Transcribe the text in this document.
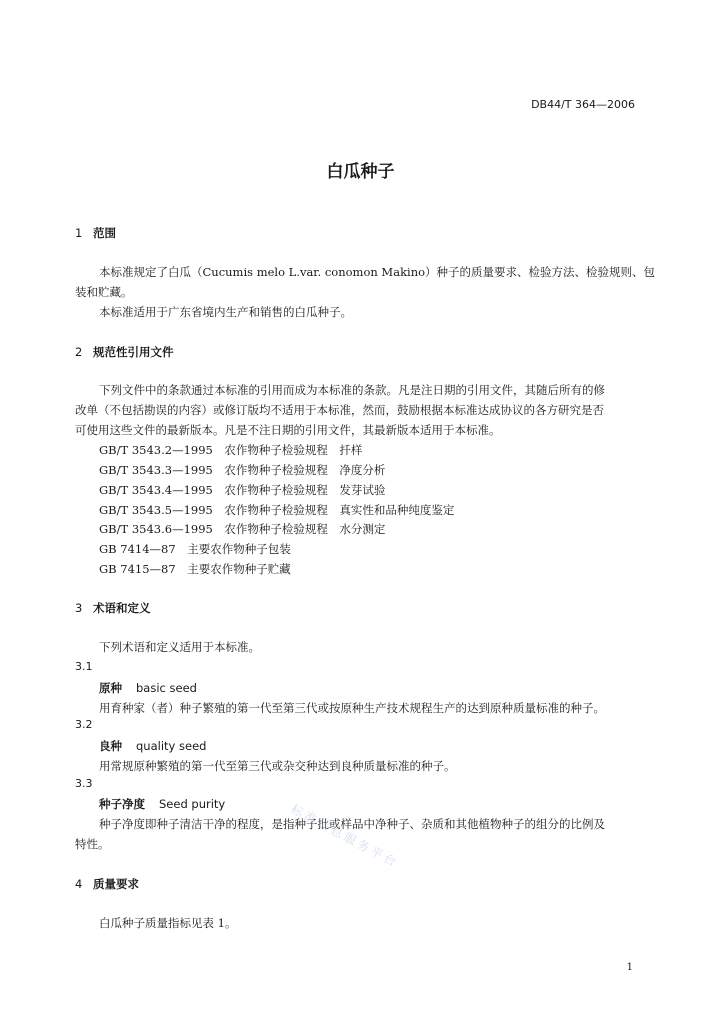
DB44/T 364—2006
白瓜种子
1 范围
本标准规定了白瓜（Cucumis melo L.var. conomon Makino）种子的质量要求、检验方法、检验规则、包
装和贮藏。
本标准适用于广东省境内生产和销售的白瓜种子。
2 规范性引用文件
下列文件中的条款通过本标准的引用而成为本标准的条款。凡是注日期的引用文件，其随后所有的修
改单（不包括勘误的内容）或修订版均不适用于本标准，然而，鼓励根据本标准达成协议的各方研究是否
可使用这些文件的最新版本。凡是不注日期的引用文件，其最新版本适用于本标准。
GB/T 3543.2—1995　农作物种子检验规程　扦样
GB/T 3543.3—1995　农作物种子检验规程　净度分析
GB/T 3543.4—1995　农作物种子检验规程　发芽试验
GB/T 3543.5—1995　农作物种子检验规程　真实性和品种纯度鉴定
GB/T 3543.6—1995　农作物种子检验规程　水分测定
GB 7414—87　主要农作物种子包装
GB 7415—87　主要农作物种子贮藏
3 术语和定义
下列术语和定义适用于本标准。
3.1
原种 basic seed
用育种家（者）种子繁殖的第一代至第三代或按原种生产技术规程生产的达到原种质量标准的种子。
3.2
良种 quality seed
用常规原种繁殖的第一代至第三代或杂交种达到良种质量标准的种子。
3.3
种子净度 Seed purity
种子净度即种子清洁干净的程度，是指种子批或样品中净种子、杂质和其他植物种子的组分的比例及
特性。
4 质量要求
白瓜种子质量指标见表 1。
标准信息服务平台
1
